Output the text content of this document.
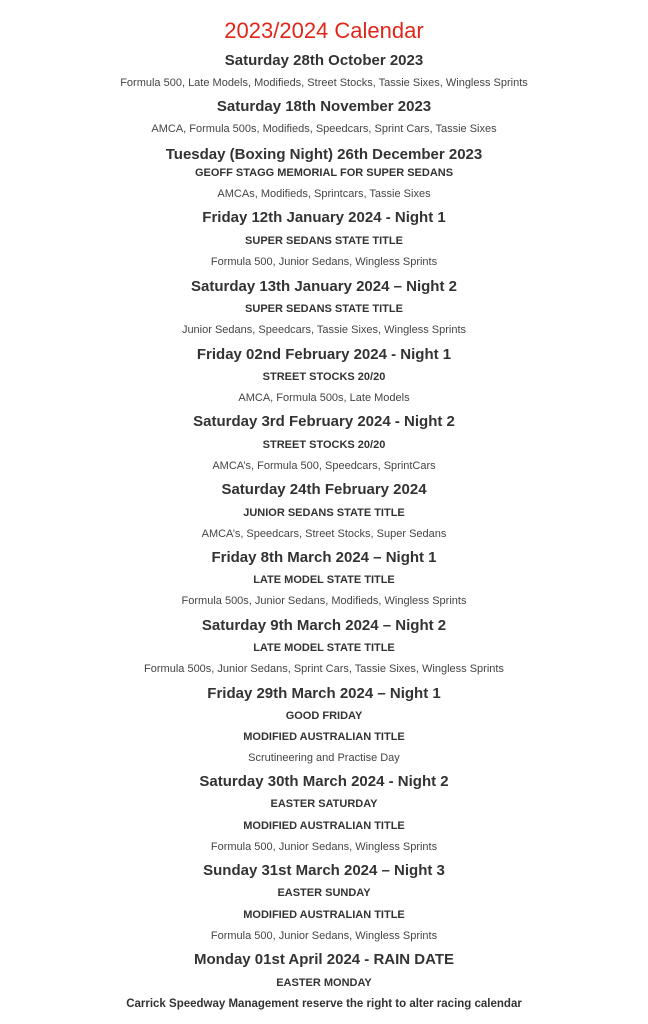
2023/2024 Calendar
Saturday 28th October 2023
Formula 500, Late Models, Modifieds, Street Stocks, Tassie Sixes, Wingless Sprints
Saturday 18th November 2023
AMCA, Formula 500s, Modifieds, Speedcars, Sprint Cars, Tassie Sixes
Tuesday (Boxing Night) 26th December 2023
GEOFF STAGG MEMORIAL FOR SUPER SEDANS
AMCAs, Modifieds, Sprintcars, Tassie Sixes
Friday 12th January 2024 - Night 1
SUPER SEDANS STATE TITLE
Formula 500, Junior Sedans, Wingless Sprints
Saturday 13th January 2024 – Night 2
SUPER SEDANS STATE TITLE
Junior Sedans, Speedcars, Tassie Sixes, Wingless Sprints
Friday 02nd February 2024 - Night 1
STREET STOCKS 20/20
AMCA, Formula 500s, Late Models
Saturday 3rd February 2024 - Night 2
STREET STOCKS 20/20
AMCA’s, Formula 500, Speedcars, SprintCars
Saturday 24th February 2024
JUNIOR SEDANS STATE TITLE
AMCA’s, Speedcars, Street Stocks, Super Sedans
Friday 8th March 2024 – Night 1
LATE MODEL STATE TITLE
Formula 500s, Junior Sedans, Modifieds, Wingless Sprints
Saturday 9th March 2024 – Night 2
LATE MODEL STATE TITLE
Formula 500s, Junior Sedans, Sprint Cars, Tassie Sixes, Wingless Sprints
Friday 29th March 2024 – Night 1
GOOD FRIDAY
MODIFIED AUSTRALIAN TITLE
Scrutineering and Practise Day
Saturday 30th March 2024 - Night 2
EASTER SATURDAY
MODIFIED AUSTRALIAN TITLE
Formula 500, Junior Sedans, Wingless Sprints
Sunday 31st March 2024 – Night 3
EASTER SUNDAY
MODIFIED AUSTRALIAN TITLE
Formula 500, Junior Sedans, Wingless Sprints
Monday 01st April 2024 - RAIN DATE
EASTER MONDAY
Carrick Speedway Management reserve the right to alter racing calendar
